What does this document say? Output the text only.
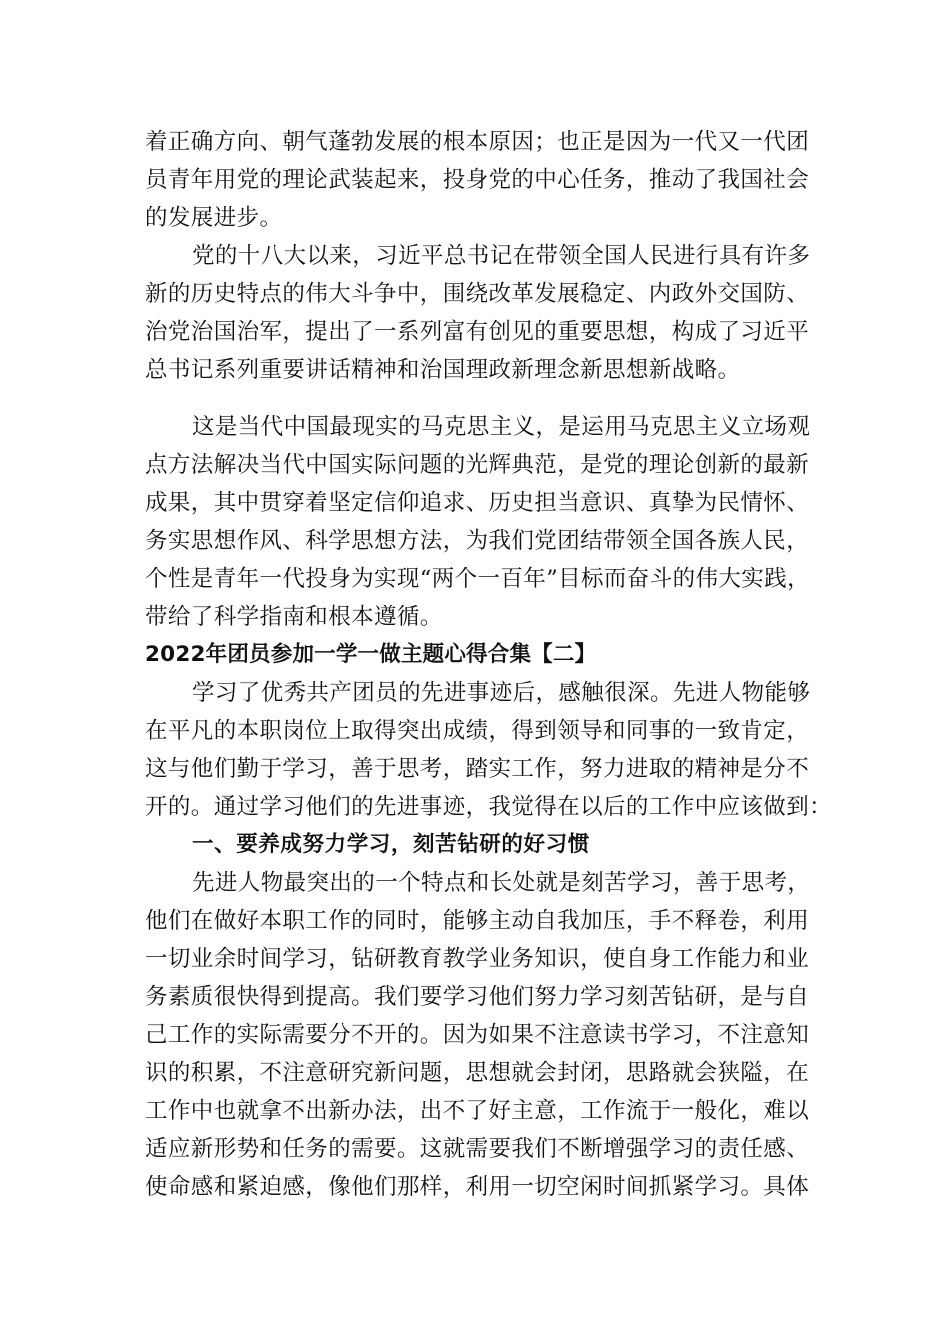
着正确方向、朝气蓬勃发展的根本原因；也正是因为一代又一代团
员青年用党的理论武装起来，投身党的中心任务，推动了我国社会
的发展进步。
党的十八大以来，习近平总书记在带领全国人民进行具有许多
新的历史特点的伟大斗争中，围绕改革发展稳定、内政外交国防、
治党治国治军，提出了一系列富有创见的重要思想，构成了习近平
总书记系列重要讲话精神和治国理政新理念新思想新战略。
这是当代中国最现实的马克思主义，是运用马克思主义立场观
点方法解决当代中国实际问题的光辉典范，是党的理论创新的最新
成果，其中贯穿着坚定信仰追求、历史担当意识、真挚为民情怀、
务实思想作风、科学思想方法，为我们党团结带领全国各族人民，
个性是青年一代投身为实现“两个一百年”目标而奋斗的伟大实践，
带给了科学指南和根本遵循。
2022年团员参加一学一做主题心得合集【二】
学习了优秀共产团员的先进事迹后，感触很深。先进人物能够
在平凡的本职岗位上取得突出成绩，得到领导和同事的一致肯定，
这与他们勤于学习，善于思考，踏实工作，努力进取的精神是分不
开的。通过学习他们的先进事迹，我觉得在以后的工作中应该做到：
一、要养成努力学习，刻苦钻研的好习惯
先进人物最突出的一个特点和长处就是刻苦学习，善于思考，
他们在做好本职工作的同时，能够主动自我加压，手不释卷，利用
一切业余时间学习，钻研教育教学业务知识，使自身工作能力和业
务素质很快得到提高。我们要学习他们努力学习刻苦钻研，是与自
己工作的实际需要分不开的。因为如果不注意读书学习，不注意知
识的积累，不注意研究新问题，思想就会封闭，思路就会狭隘，在
工作中也就拿不出新办法，出不了好主意，工作流于一般化，难以
适应新形势和任务的需要。这就需要我们不断增强学习的责任感、
使命感和紧迫感，像他们那样，利用一切空闲时间抓紧学习。具体
